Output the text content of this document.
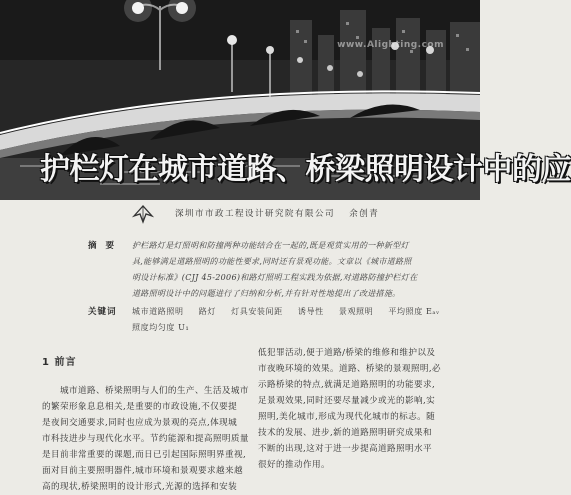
www.Alighting.com
护栏灯在城市道路、桥梁照明设计中的应
深圳市市政工程设计研究院有限公司 余创青
摘 要 护栏路灯是灯照明和防撞两种功能结合在一起的,既是观赏实用的一种新型灯
具,能够满足道路照明的功能性要求,同时还有景观功能。文章以《城市道路照
明设计标准》(CJJ 45-2006)和路灯照明工程实践为依据,对道路防撞护栏灯在
道路照明设计中的问题进行了归纳和分析,并有针对性地提出了改进措施。
关键词 城市道路照明 路灯 灯具安装间距 诱导性 景观照明 平均照度 Eₐᵥ
照度均匀度 U₁
1 前言
城市道路、桥梁照明与人们的生产、生活及城市
的繁荣形象息息相关,是重要的市政设施,不仅要提
是夜间交通要求,同时也应成为景观的亮点,体现城
市科技进步与现代化水平。节约能源和提高照明质量
是目前非常重要的课题,而日已引起国际照明界重视,
面对目前主要照明器件,城市环境和景观要求越来越
高的现状,桥梁照明的设计形式,光源的选择和安装
低犯罪活动,便于道路/桥梁的维修和维护以及
市夜晚环境的效果。道路、桥梁的景观照明,必
示路桥梁的特点,就满足道路照明的功能要求,
足景观效果,同时还要尽量减少或光的影响,实
照明,美化城市,形成为现代化城市的标志。随
技术的发展、进步,新的道路照明研究成果和
不断的出现,这对于进一步提高道路照明水平
很好的推动作用。
